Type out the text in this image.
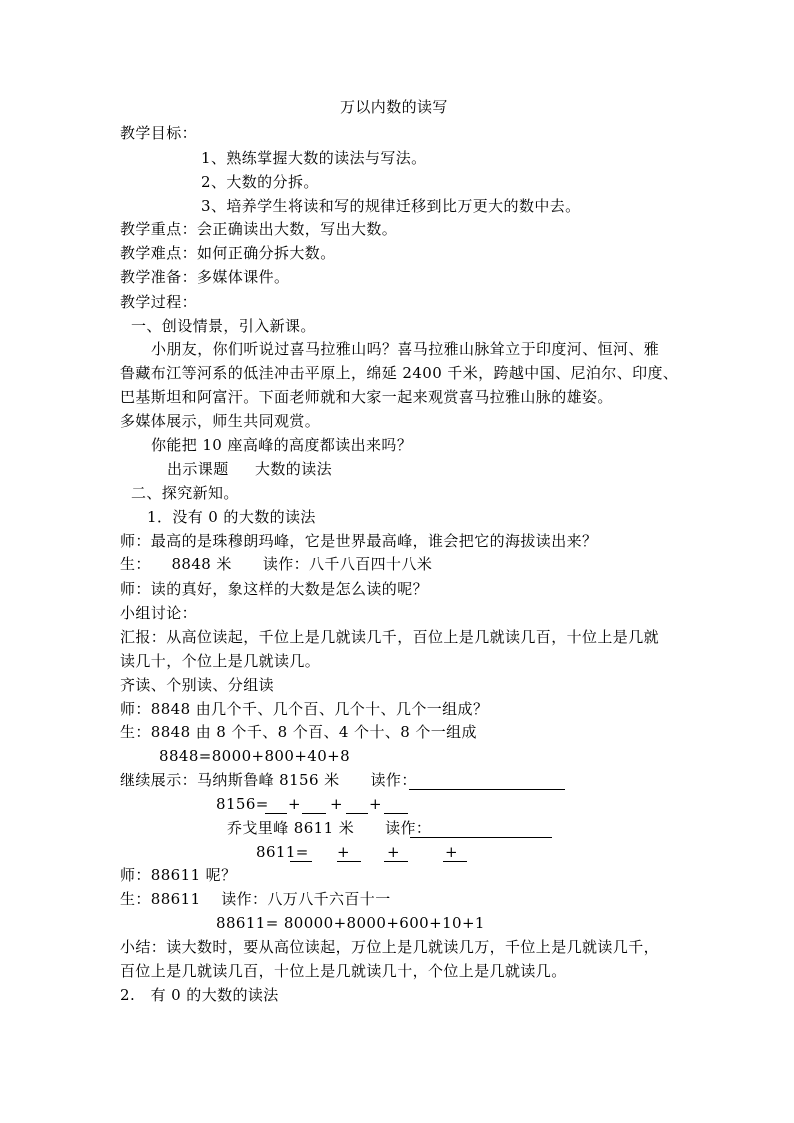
万以内数的读写
教学目标：
1、熟练掌握大数的读法与写法。
2、大数的分拆。
3、培养学生将读和写的规律迁移到比万更大的数中去。
教学重点：会正确读出大数，写出大数。
教学难点：如何正确分拆大数。
教学准备：多媒体课件。
教学过程：
一、创设情景，引入新课。
小朋友，你们听说过喜马拉雅山吗？喜马拉雅山脉耸立于印度河、恒河、雅
鲁藏布江等河系的低洼冲击平原上，绵延 2400 千米，跨越中国、尼泊尔、印度、
巴基斯坦和阿富汗。下面老师就和大家一起来观赏喜马拉雅山脉的雄姿。
多媒体展示，师生共同观赏。
你能把 10 座高峰的高度都读出来吗？
出示课题 大数的读法
二、探究新知。
1．没有 0 的大数的读法
师：最高的是珠穆朗玛峰，它是世界最高峰，谁会把它的海拔读出来？
生：    8848 米      读作：八千八百四十八米
师：读的真好，象这样的大数是怎么读的呢？
小组讨论：
汇报：从高位读起，千位上是几就读几千，百位上是几就读几百，十位上是几就
读几十，个位上是几就读几。
齐读、个别读、分组读
师：8848 由几个千、几个百、几个十、几个一组成？
生：8848 由 8 个千、8 个百、4 个十、8 个一组成
8848=8000+800+40+8
继续展示：马纳斯鲁峰 8156 米      读作：
8156= + + +
乔戈里峰 8611 米      读作：
8611= + +	+
师：88611 呢？
生：88611    读作：八万八千六百十一
88611= 80000+8000+600+10+1
小结：读大数时，要从高位读起，万位上是几就读几万，千位上是几就读几千，
百位上是几就读几百，十位上是几就读几十，个位上是几就读几。
2.   有 0 的大数的读法
